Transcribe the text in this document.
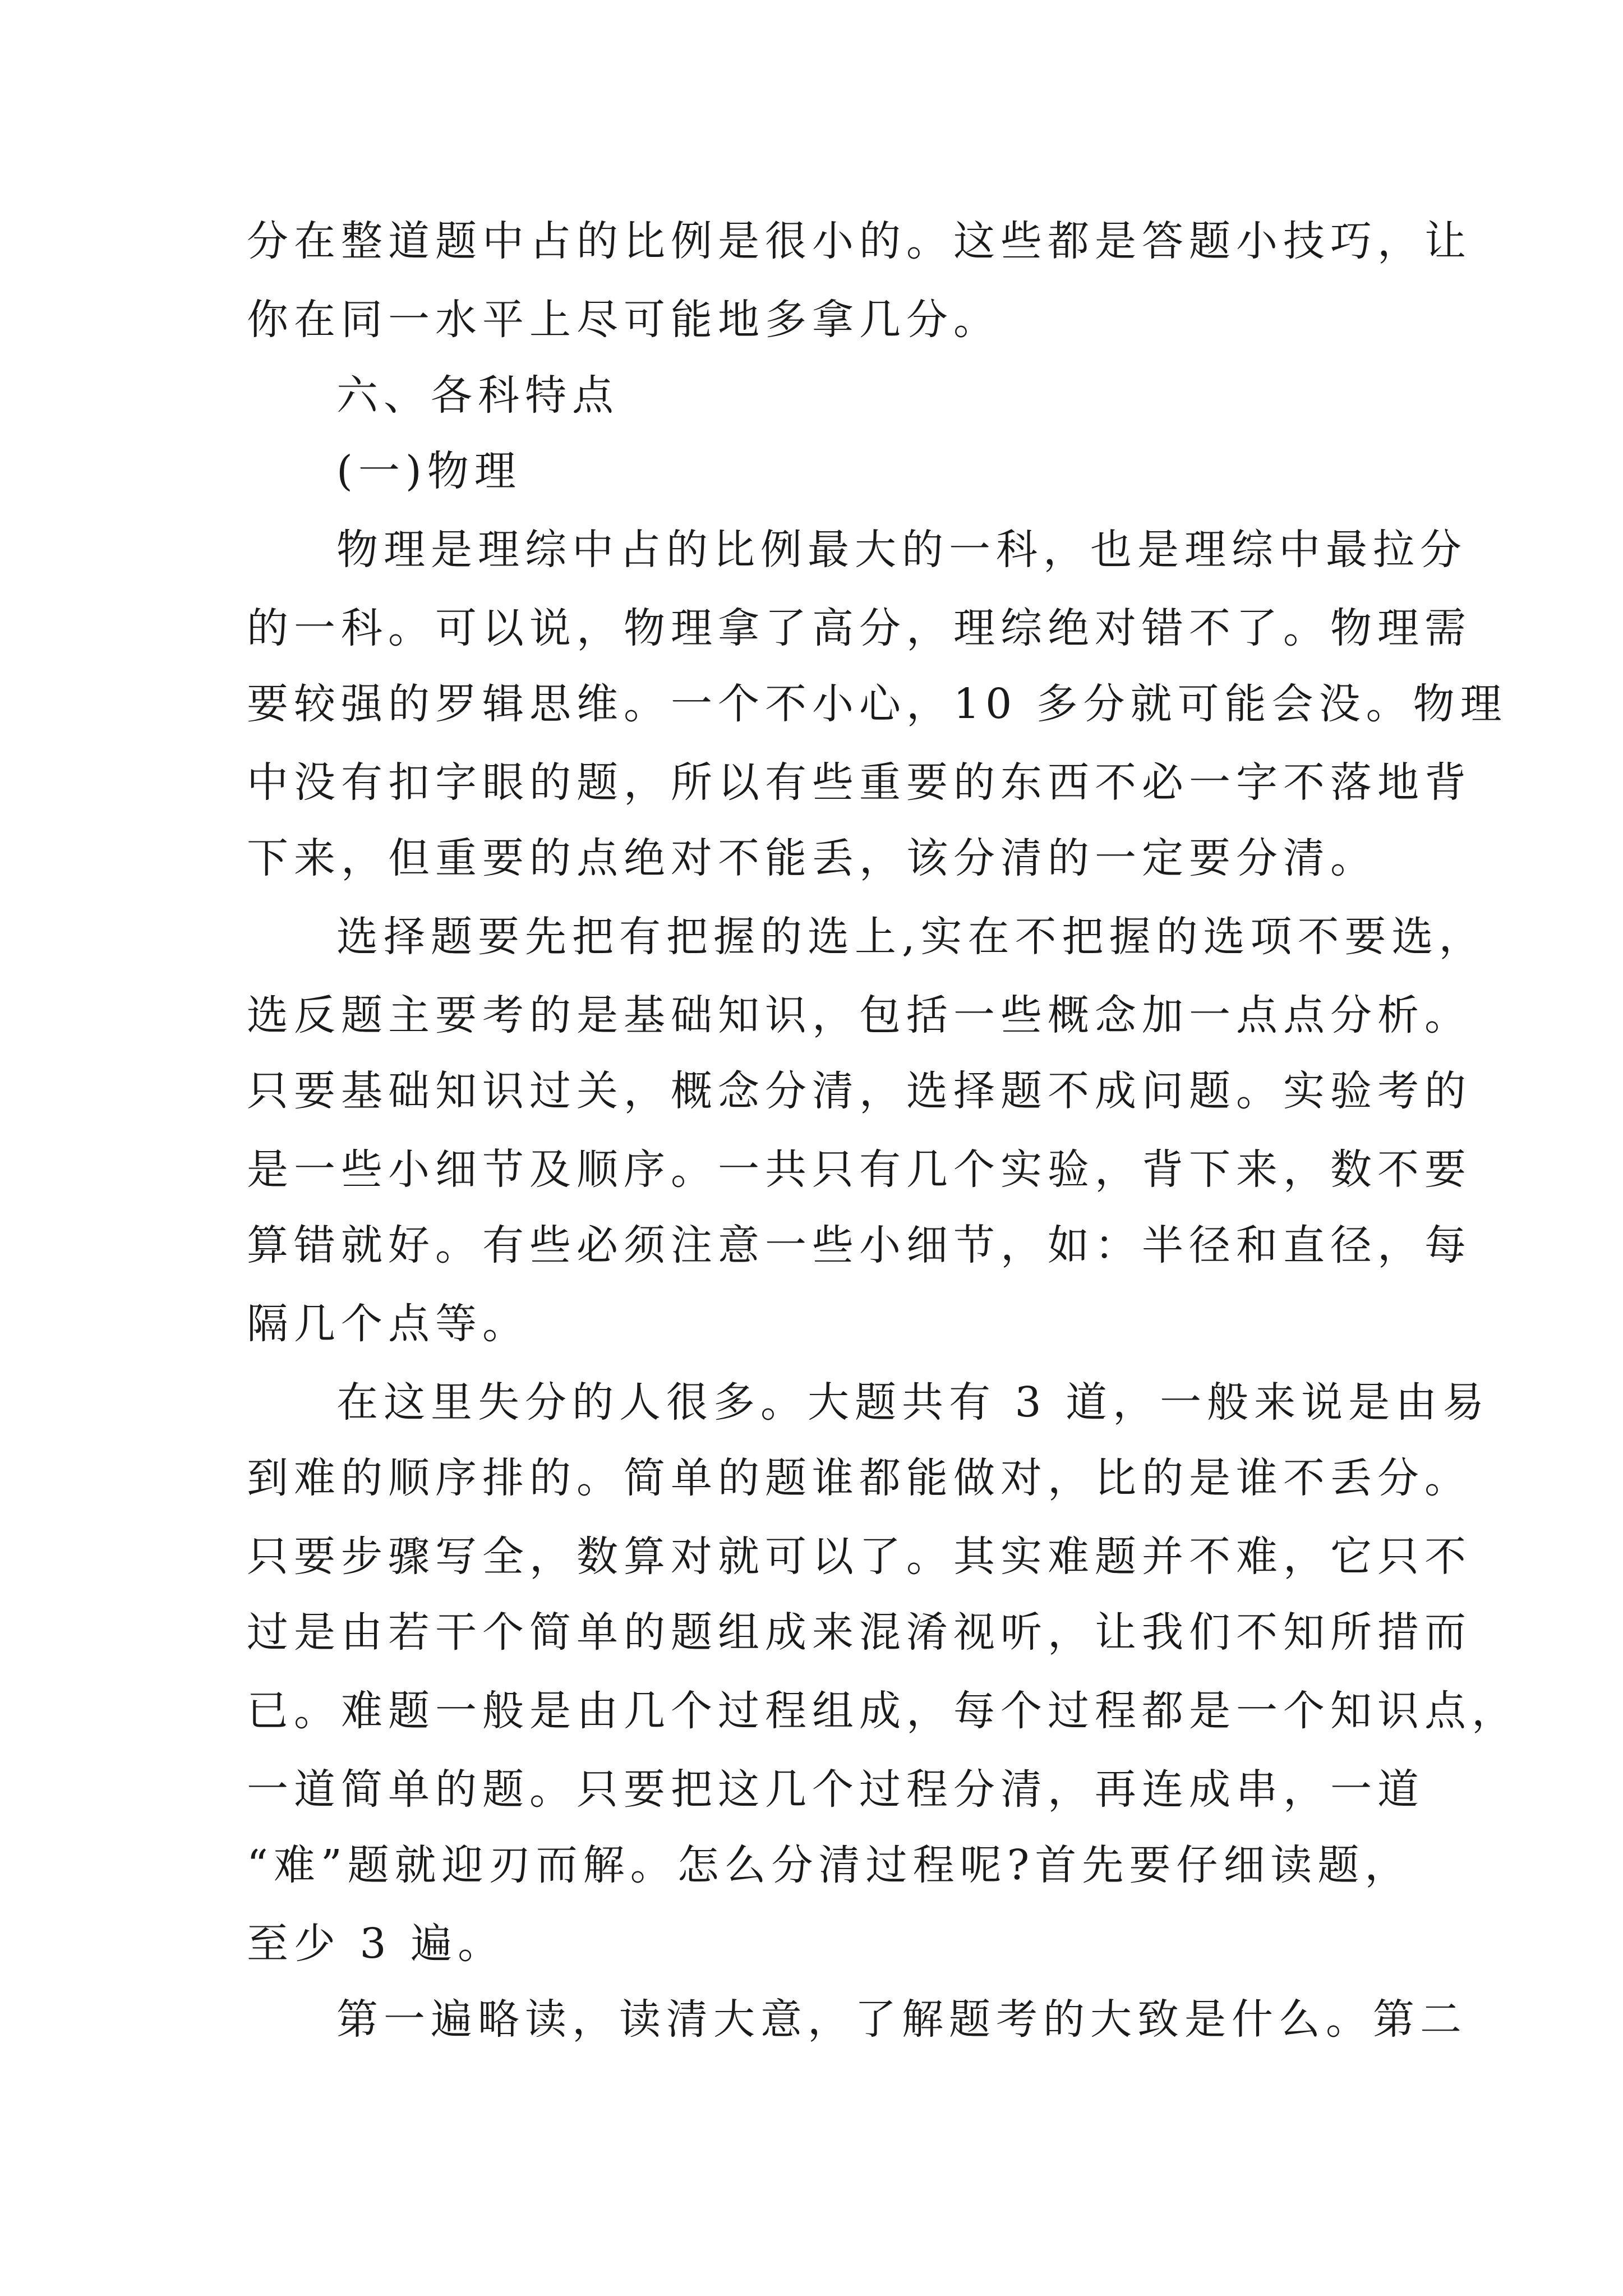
分在整道题中占的比例是很小的。这些都是答题小技巧，让

你在同一水平上尽可能地多拿几分。

六、各科特点

(一)物理

物理是理综中占的比例最大的一科，也是理综中最拉分

的一科。可以说，物理拿了高分，理综绝对错不了。物理需

要较强的罗辑思维。一个不小心，10 多分就可能会没。物理

中没有扣字眼的题，所以有些重要的东西不必一字不落地背

下来，但重要的点绝对不能丢，该分清的一定要分清。

选择题要先把有把握的选上,实在不把握的选项不要选，

选反题主要考的是基础知识，包括一些概念加一点点分析。

只要基础知识过关，概念分清，选择题不成问题。实验考的

是一些小细节及顺序。一共只有几个实验，背下来，数不要

算错就好。有些必须注意一些小细节，如：半径和直径，每

隔几个点等。

在这里失分的人很多。大题共有 3 道，一般来说是由易

到难的顺序排的。简单的题谁都能做对，比的是谁不丢分。

只要步骤写全，数算对就可以了。其实难题并不难，它只不

过是由若干个简单的题组成来混淆视听，让我们不知所措而

已。难题一般是由几个过程组成，每个过程都是一个知识点，

一道简单的题。只要把这几个过程分清，再连成串，一道

“难”题就迎刃而解。怎么分清过程呢?首先要仔细读题，

至少 3 遍。

第一遍略读，读清大意，了解题考的大致是什么。第二
